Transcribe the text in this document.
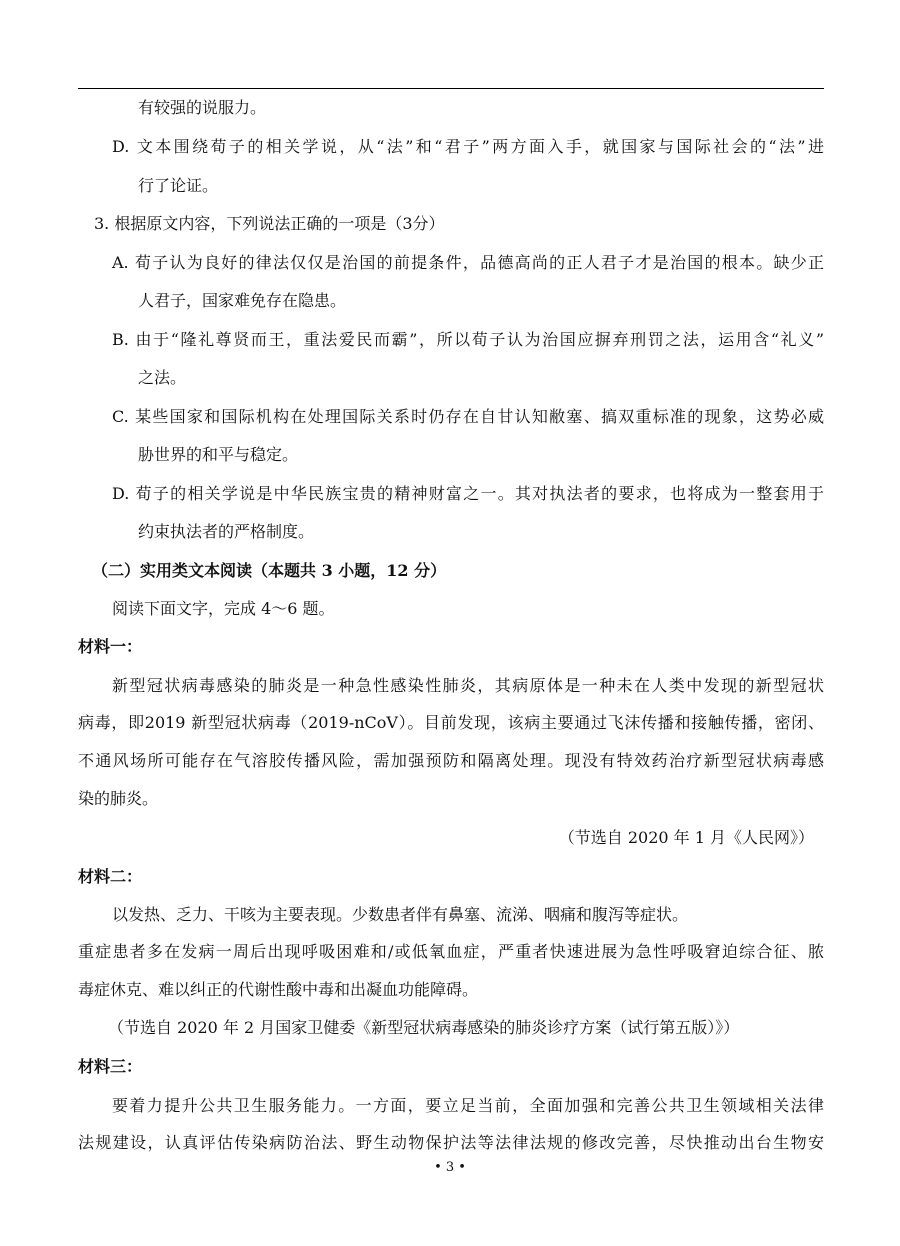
有较强的说服力。
D. 文本围绕荀子的相关学说，从“法”和“君子”两方面入手，就国家与国际社会的“法”进
行了论证。
3. 根据原文内容，下列说法正确的一项是（3分）
A. 荀子认为良好的律法仅仅是治国的前提条件，品德高尚的正人君子才是治国的根本。缺少正
人君子，国家难免存在隐患。
B. 由于“隆礼尊贤而王，重法爱民而霸”，所以荀子认为治国应摒弃刑罚之法，运用含“礼义”
之法。
C. 某些国家和国际机构在处理国际关系时仍存在自甘认知敝塞、搞双重标准的现象，这势必威
胁世界的和平与稳定。
D. 荀子的相关学说是中华民族宝贵的精神财富之一。其对执法者的要求，也将成为一整套用于
约束执法者的严格制度。
（二）实用类文本阅读（本题共 3 小题，12 分）
阅读下面文字，完成 4～6 题。
材料一：
新型冠状病毒感染的肺炎是一种急性感染性肺炎，其病原体是一种未在人类中发现的新型冠状
病毒，即2019 新型冠状病毒（2019-nCoV）。目前发现，该病主要通过飞沫传播和接触传播，密闭、
不通风场所可能存在气溶胶传播风险，需加强预防和隔离处理。现没有特效药治疗新型冠状病毒感
染的肺炎。
（节选自 2020 年 1 月《人民网》）
材料二：
以发热、乏力、干咳为主要表现。少数患者伴有鼻塞、流涕、咽痛和腹泻等症状。
重症患者多在发病一周后出现呼吸困难和/或低氧血症，严重者快速进展为急性呼吸窘迫综合征、脓
毒症休克、难以纠正的代谢性酸中毒和出凝血功能障碍。
（节选自 2020 年 2 月国家卫健委《新型冠状病毒感染的肺炎诊疗方案（试行第五版）》）
材料三：
要着力提升公共卫生服务能力。一方面，要立足当前，全面加强和完善公共卫生领域相关法律
法规建设，认真评估传染病防治法、野生动物保护法等法律法规的修改完善，尽快推动出台生物安
• 3 •
